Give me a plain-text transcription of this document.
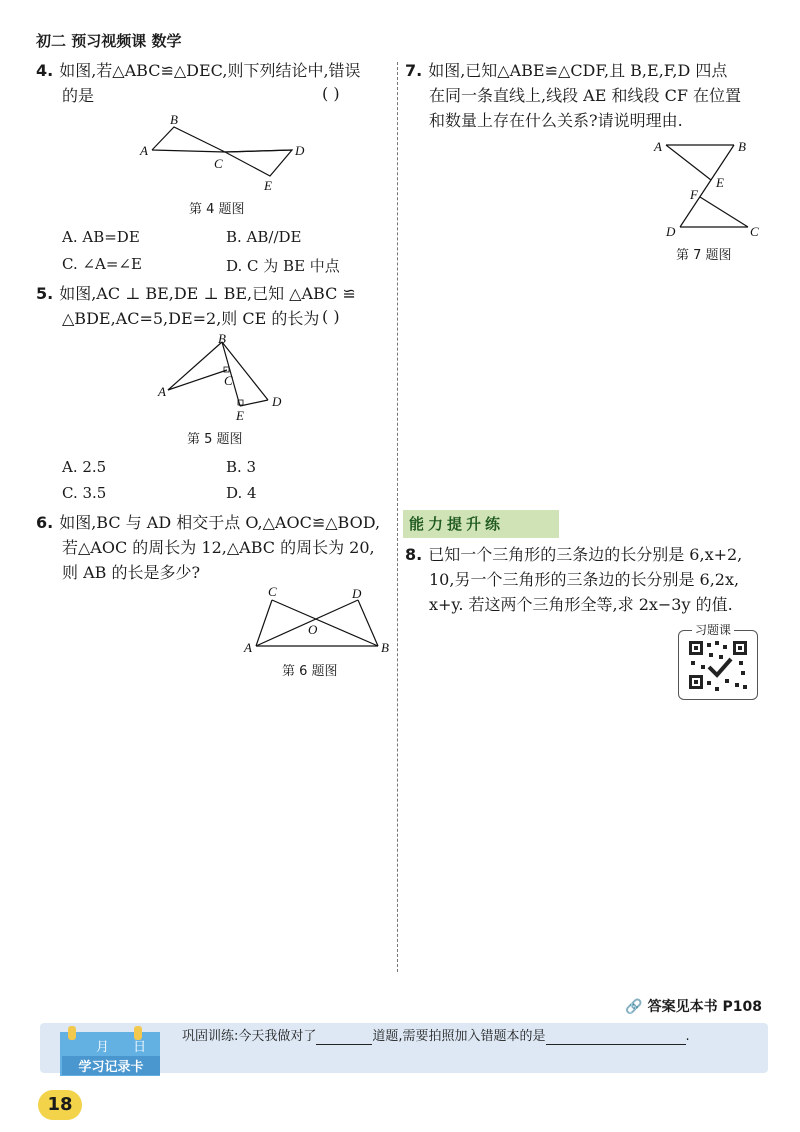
初二 预习视频课 数学
4. 如图,若△ABC≌△DEC,则下列结论中,错误
的是	( )
A
B
C
D
E
第 4 题图
A. AB=DE	B. AB//DE
C. ∠A=∠E	D. C 为 BE 中点
5. 如图,AC ⊥ BE,DE ⊥ BE,已知 △ABC ≌
△BDE,AC=5,DE=2,则 CE 的长为 ( )
B
A
C
D
E
第 5 题图
A. 2.5	B. 3
C. 3.5	D. 4
6. 如图,BC 与 AD 相交于点 O,△AOC≌△BOD,
若△AOC 的周长为 12,△ABC 的周长为 20,
则 AB 的长是多少?
C	D
O
A	B
第 6 题图
7. 如图,已知△ABE≌△CDF,且 B,E,F,D 四点
在同一条直线上,线段 AE 和线段 CF 在位置
和数量上存在什么关系?请说明理由.
A	B
E
F
D	C
第 7 题图
能力提升练
8. 已知一个三角形的三条边的长分别是 6,x+2,
10,另一个三角形的三条边的长分别是 6,2x,
x+y. 若这两个三角形全等,求 2x−3y 的值.
习题课
🔗 答案见本书 P108
月 日
学习记录卡
巩固训练:今天我做对了	道题,需要拍照加入错题本的是	.
18
